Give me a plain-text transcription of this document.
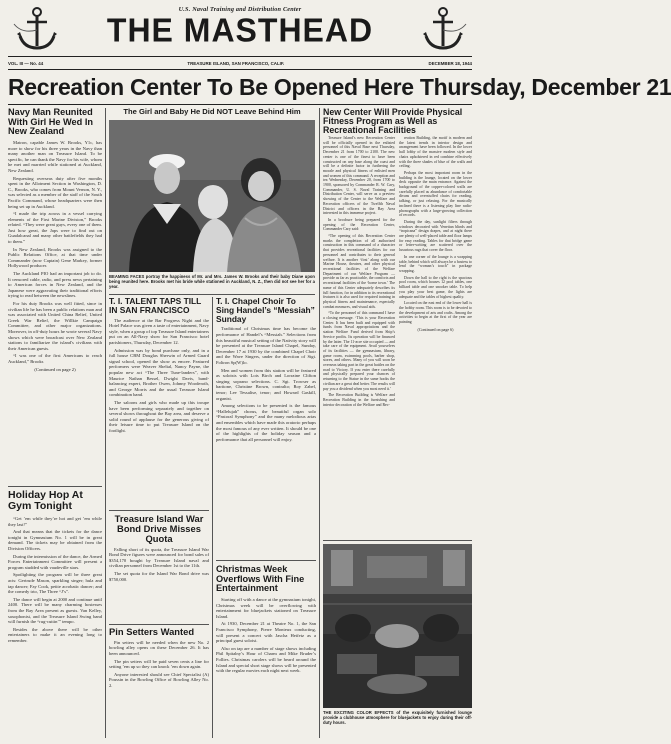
U.S. Naval Training and Distribution Center
THE MASTHEAD
VOL. III — No. 44	TREASURE ISLAND, SAN FRANCISCO, CALIF.	DECEMBER 18, 1944
Recreation Center To Be Opened Here Thursday, December 21
Navy Man Reunited With Girl He Wed In New Zealand

Matron, capable James W. Brooks, Y1c, has more to show for his three years in the Navy than many another man on Treasure Island. To be specific, he can thank the Navy for his wife, whom he met and married while stationed at Auckland, New Zealand.

Requesting overseas duty after five months spent in the Allotment Section in Washington, D. C., Brooks, who comes from Mount Vernon, N. Y., was selected as a member of the staff of the South Pacific Command, whose headquarters were then being set up in Auckland.

“I made the trip across in a vessel carrying elements of the First Marine Division,” Brooks related. “They were great guys, every one of them. Just how great, the Japs were to find out on Guadalcanal and many other battlefields they had to them.”

In New Zealand, Brooks was assigned to the Public Relations Office, at that time under Commander (now Captain) Gene Markey, former Hollywood producer.

The Auckland PIO had an important job to do. It censored cable, radio, and press news pertaining to American forces in New Zealand, and the Japanese were aggravating their traditional efforts trying to read between the newslines.

For his duty Brooks was well fitted, since in civilian life he has been a public relations man and was associated with United China Relief, United Greek War Relief, the Willkie Campaign Committee, and other major organizations. Moreover, in off-duty hours he wrote several Navy shows which were broadcast over New Zealand stations to familiarize the island's civilians with their American guests.

“I was one of the first Americans to reach Auckland,” Brooks

(Continued on page 2)
Holiday Hop At Gym Tonight

“Get ’em while they’re hot and get ’em while they last!”

And that means that the tickets for the dance tonight in Gymnasium No. 1 will be in great demand. The tickets may be obtained from the Division Officers.

During the intermission of the dance, the Armed Forces Entertainment Committee will present a program studded with vaudeville stars.

Spotlighting the program will be three great acts: Gertrude Mason, sparkling singer; hula and tap dancer; Fay Cook, petite acrobatic dancer; and the comedy trio, The Three “J’s”.

The dance will begin at 2000 and continue until 2400. There will be many charming hostesses from the Bay Area present as guests. Van Kelley, saxophonist, and the Treasure Island Swing band will furnish the “rug-cuttin’” tempo.

Besides the above there will be other entertainers to make it an evening long to remember.

The Girl and Baby He Did NOT Leave Behind Him
BEAMING FACES portray the happiness of Mr. and Mrs. James W. Brooks and their baby Diane upon being reunited here. Brooks met his bride while stationed in Auckland, N. Z., then did not see her for a year.
T. I. TALENT TAPS TILL IN SAN FRANCISCO

The audience at the Bar Progress Night and the Hotel Palace was given a taste of entertainment, Navy style, when a group of top Treasure Island entertainers put on an All-Navy show for San Francisco hotel parishioners, Thursday, December 12.

Admission was by bond purchase only, and in a full house CBM Douglas Sherwin of Armed Guard signal school, opened the show as emcee. Featured performers were Weaver Sheltal, Nancy Payne, the popular new act “The Three Tune-landers”, with Maurice Nathan Bessel, Dwight Davis, band-balancing expert, Brother Owen, Johnny Wooderoth, and George Morris and the usual Treasure Island combination band.

The saloons and girls who made up this troupe have been performing separately and together on several shows throughout the Bay area, and deserve a solid round of applause for the generous giving of their leisure time to put Treasure Island on the footlight.

Treasure Island War Bond Drive Misses Quota

Falling short of its quota, the Treasure Island War Bond Drive figures were announced for bond sales of $354,170 bought by Treasure Island naval and civilian personnel from December 1st to the 11th.

The set quota for the Island War Bond drive was $750,000.

Pin Setters Wanted

Pin setters will be needed when the new No. 2 bowling alley opens on these December 26. It has been announced.

The pin setters will be paid seven cents a line for setting ’em up so they can knock ’em down again.

Anyone interested should see Chief Specialist (A) Poussin in the Bowling Office of Bowling Alley No. 2.

T. I. Chapel Choir To Sing Handel’s “Messiah” Sunday

Traditional of Christmas time has become the performance of Handel’s “Messiah.” Selections from this beautiful musical setting of the Nativity story will be presented at the Treasure Island Chapel, Sunday, December 17 at 1930 by the combined Chapel Choir and the Wave Singers, under the direction of Sigt. Foltron Sp(W)lo.

Men and women from this station will be featured as soloists with Lois Birch and Lorraine Clifton singing soprano selections. C. Sgt. Trowser as baritone, Christine Brown, contralto; Roy Zabel, tenor; Lee Tessalise, tenor; and Howard Gaskill, organist.

Among selections to be presented is the famous “Hallelujah” chorus, the beautiful organ solo “Pastoral Symphony” and the many melodious arias and ensembles which have made this oratorio perhaps the most famous of any ever written. It should be one of the highlights of the holiday season and a performance that all personnel will enjoy.

Christmas Week Overflows With Fine Entertainment

Starting off with a dance at the gymnasium tonight, Christmas week will be overflowing with entertainment for bluejackets stationed on Treasure Island.

At 1930, December 21 at Theatre No. 1, the San Francisco Symphony, Pierre Monteux conducting, will present a concert with Jascha Heifetz as a principal guest soloist.

Also on tap are a number of stage shows including Phil Spitalny’s Hour of Charm and Mike Bruder’s Follies. Christmas carolers will be heard around the Island and special short stage shows will be presented with the regular movies each night next week.

New Center Will Provide Physical Fitness Program as Well as Recreational Facilities

Treasure Island’s new Recreation Center will be officially opened in the enlisted personnel of this Naval Base next Thursday, December 21 from 1700 to 2100. The new center is one of the finest to have been constructed on any base along the coast and will be a definite factor in furthering the morale and physical fitness of enlisted men and women of this command. A reception and tea Wednesday, December 20, from 1700 to 1900, sponsored by Commander R. W. Cary, Commander, U. S. Naval Training and Distribution Center, will serve as a preview showing of the Center to the Welfare and Recreation officers of the Twelfth Naval District and officers in the Bay Area interested in this immense project.

In a brochure being prepared for the opening of the Recreation Center, Commander Cary said:

“The opening of this Recreation Center marks the completion of all authorized construction in this command of a character that provides recreational facilities for our personnel and contributes to their general welfare. It is another ‘first’ along with our Marine House, theatres, and other physical recreational facilities of the Welfare Department of our Welfare Program — provide as far as practicable, the comforts and recreational facilities of the ‘home town.’ The name of this Center adequately describes its full function, for in addition to its recreational features it is also used for required training in physical fitness and maintenance, especially combat measures, and visual aids.

“To the personnel of this command I have a closing message. ‘This is your Recreation Center. It has been built and equipped with funds from Naval appropriations and the station Welfare Fund derived from Ship’s Service profits. Its operation will be financed by the latter. The 11-acre site occupied — and take care of the equipment. Avail yourselves of its facilities — the gymnasium, library, game room, swimming pools, barber shop, stores, and others. Many of you will soon be overseas taking part in the great battles on the road to Victory. If you enter there carefully and physically prepared your chances of returning to the Statue in the same hooks the civilian are a great deal better. The results will pay you a dividend when you most need it.’

The Recreation Building is Welfare and Recreation Building in the furnishing and interior decoration of the Welfare and Rec-

reation Building, the motif is modern and the latest trends in interior design and arrangement have been followed. In the lower hall lobby of the massive modern style and chairs upholstered in red combine effectively with the three shades of blue of the walls and ceiling.

Perhaps the most important room in the building is the lounge, located on the lower deck opposite the main entrance. Against the background of the copper-colored walls are carefully placed as abundance of comfortable divans and overstuffed chairs for reading, talking, or just relaxing. For the musically inclined there is a listening play line radio-phonographs with a large-growing collection of records.

During the day, sunlight filters through windows decorated with Venetian blinds and “tropicana” design drapes, and at night there are plenty of well-placed table and floor lamps for easy reading. Tables for that bridge game or letter-writing are scattered over the luxurious rugs that cover the floor.

In one corner of the lounge is a wrapping table, behind which will always be a hostess to lend the “woman’s touch” in package wrapping.

Down the hall to the right is the spacious pool room, which houses 12 pool tables, one billiard table and one snooker table. To help you play your best game, the lights are adequate and the tables of highest quality.

Located on the east end of the lower hall is the hobby room. This room is to be devoted to the development of arts and crafts. Among the activities to begin at the first of the year are painting

(Continued on page 6)
THE EXCITING COLOR EFFECTS of the exquisitely furnished lounge provide a clubhouse atmosphere for bluejackets to enjoy during their off-duty hours.
